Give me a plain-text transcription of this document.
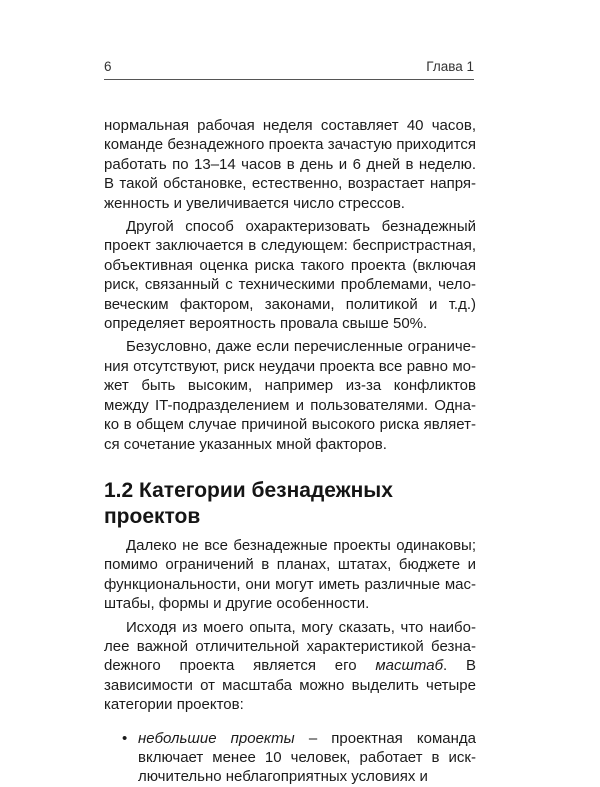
6	Глава 1

нормальная рабочая неделя составляет 40 часов, команде безнадежного проекта зачастую приходится работать по 13–14 часов в день и 6 дней в неделю. В такой обстановке, естественно, возрастает напряженность и увеличивается число стрессов.

Другой способ охарактеризовать безнадежный проект заключается в следующем: беспристрастная, объективная оценка риска такого проекта (включая риск, связанный с техническими проблемами, человеческим фактором, законами, политикой и т.д.) определяет вероятность провала свыше 50%.

Безусловно, даже если перечисленные ограничения отсутствуют, риск неудачи проекта все равно может быть высоким, например из-за конфликтов между IT-подразделением и пользователями. Однако в общем случае причиной высокого риска является сочетание указанных мной факторов.

1.2 Категории безнадежных проектов

Далеко не все безнадежные проекты одинаковы; помимо ограничений в планах, штатах, бюджете и функциональности, они могут иметь различные масштабы, формы и другие особенности.

Исходя из моего опыта, могу сказать, что наиболее важной отличительной характеристикой безнаdежного проекта является его масштаб. В зависимости от масштаба можно выделить четыре категории проектов:

• небольшие проекты – проектная команда включает менее 10 человек, работает в исключительно неблагоприятных условиях и
